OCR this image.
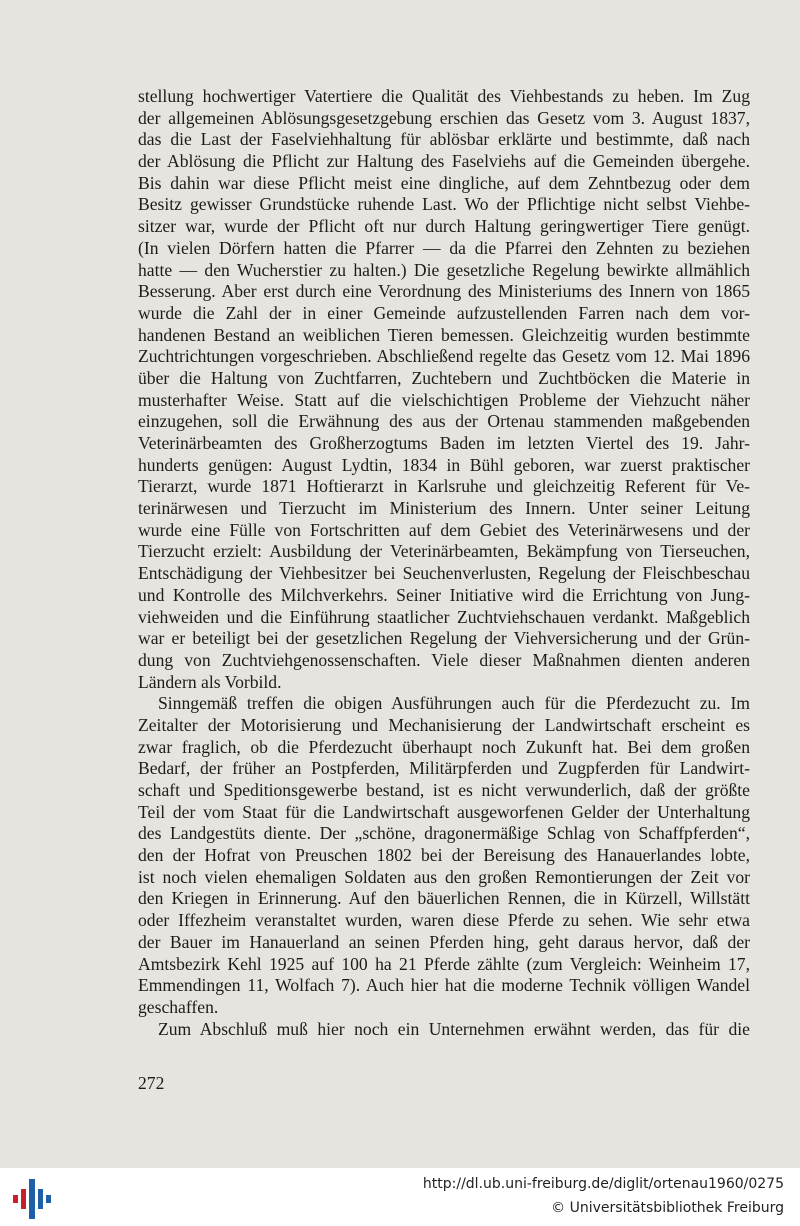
stellung hochwertiger Vatertiere die Qualität des Viehbestands zu heben. Im Zug
der allgemeinen Ablösungsgesetzgebung erschien das Gesetz vom 3. August 1837,
das die Last der Faselviehhaltung für ablösbar erklärte und bestimmte, daß nach
der Ablösung die Pflicht zur Haltung des Faselviehs auf die Gemeinden übergehe.
Bis dahin war diese Pflicht meist eine dingliche, auf dem Zehntbezug oder dem
Besitz gewisser Grundstücke ruhende Last. Wo der Pflichtige nicht selbst Viehbe-
sitzer war, wurde der Pflicht oft nur durch Haltung geringwertiger Tiere genügt.
(In vielen Dörfern hatten die Pfarrer — da die Pfarrei den Zehnten zu beziehen
hatte — den Wucherstier zu halten.) Die gesetzliche Regelung bewirkte allmählich
Besserung. Aber erst durch eine Verordnung des Ministeriums des Innern von 1865
wurde die Zahl der in einer Gemeinde aufzustellenden Farren nach dem vor-
handenen Bestand an weiblichen Tieren bemessen. Gleichzeitig wurden bestimmte
Zuchtrichtungen vorgeschrieben. Abschließend regelte das Gesetz vom 12. Mai 1896
über die Haltung von Zuchtfarren, Zuchtebern und Zuchtböcken die Materie in
musterhafter Weise. Statt auf die vielschichtigen Probleme der Viehzucht näher
einzugehen, soll die Erwähnung des aus der Ortenau stammenden maßgebenden
Veterinärbeamten des Großherzogtums Baden im letzten Viertel des 19. Jahr-
hunderts genügen: August Lydtin, 1834 in Bühl geboren, war zuerst praktischer
Tierarzt, wurde 1871 Hoftierarzt in Karlsruhe und gleichzeitig Referent für Ve-
terinärwesen und Tierzucht im Ministerium des Innern. Unter seiner Leitung
wurde eine Fülle von Fortschritten auf dem Gebiet des Veterinärwesens und der
Tierzucht erzielt: Ausbildung der Veterinärbeamten, Bekämpfung von Tierseuchen,
Entschädigung der Viehbesitzer bei Seuchenverlusten, Regelung der Fleischbeschau
und Kontrolle des Milchverkehrs. Seiner Initiative wird die Errichtung von Jung-
viehweiden und die Einführung staatlicher Zuchtviehschauen verdankt. Maßgeblich
war er beteiligt bei der gesetzlichen Regelung der Viehversicherung und der Grün-
dung von Zuchtviehgenossenschaften. Viele dieser Maßnahmen dienten anderen
Ländern als Vorbild.
Sinngemäß treffen die obigen Ausführungen auch für die Pferdezucht zu. Im
Zeitalter der Motorisierung und Mechanisierung der Landwirtschaft erscheint es
zwar fraglich, ob die Pferdezucht überhaupt noch Zukunft hat. Bei dem großen
Bedarf, der früher an Postpferden, Militärpferden und Zugpferden für Landwirt-
schaft und Speditionsgewerbe bestand, ist es nicht verwunderlich, daß der größte
Teil der vom Staat für die Landwirtschaft ausgeworfenen Gelder der Unterhaltung
des Landgestüts diente. Der „schöne, dragonermäßige Schlag von Schaffpferden“,
den der Hofrat von Preuschen 1802 bei der Bereisung des Hanauerlandes lobte,
ist noch vielen ehemaligen Soldaten aus den großen Remontierungen der Zeit vor
den Kriegen in Erinnerung. Auf den bäuerlichen Rennen, die in Kürzell, Willstätt
oder Iffezheim veranstaltet wurden, waren diese Pferde zu sehen. Wie sehr etwa
der Bauer im Hanauerland an seinen Pferden hing, geht daraus hervor, daß der
Amtsbezirk Kehl 1925 auf 100 ha 21 Pferde zählte (zum Vergleich: Weinheim 17,
Emmendingen 11, Wolfach 7). Auch hier hat die moderne Technik völligen Wandel
geschaffen.
Zum Abschluß muß hier noch ein Unternehmen erwähnt werden, das für die
272
http://dl.ub.uni-freiburg.de/diglit/ortenau1960/0275
© Universitätsbibliothek Freiburg
